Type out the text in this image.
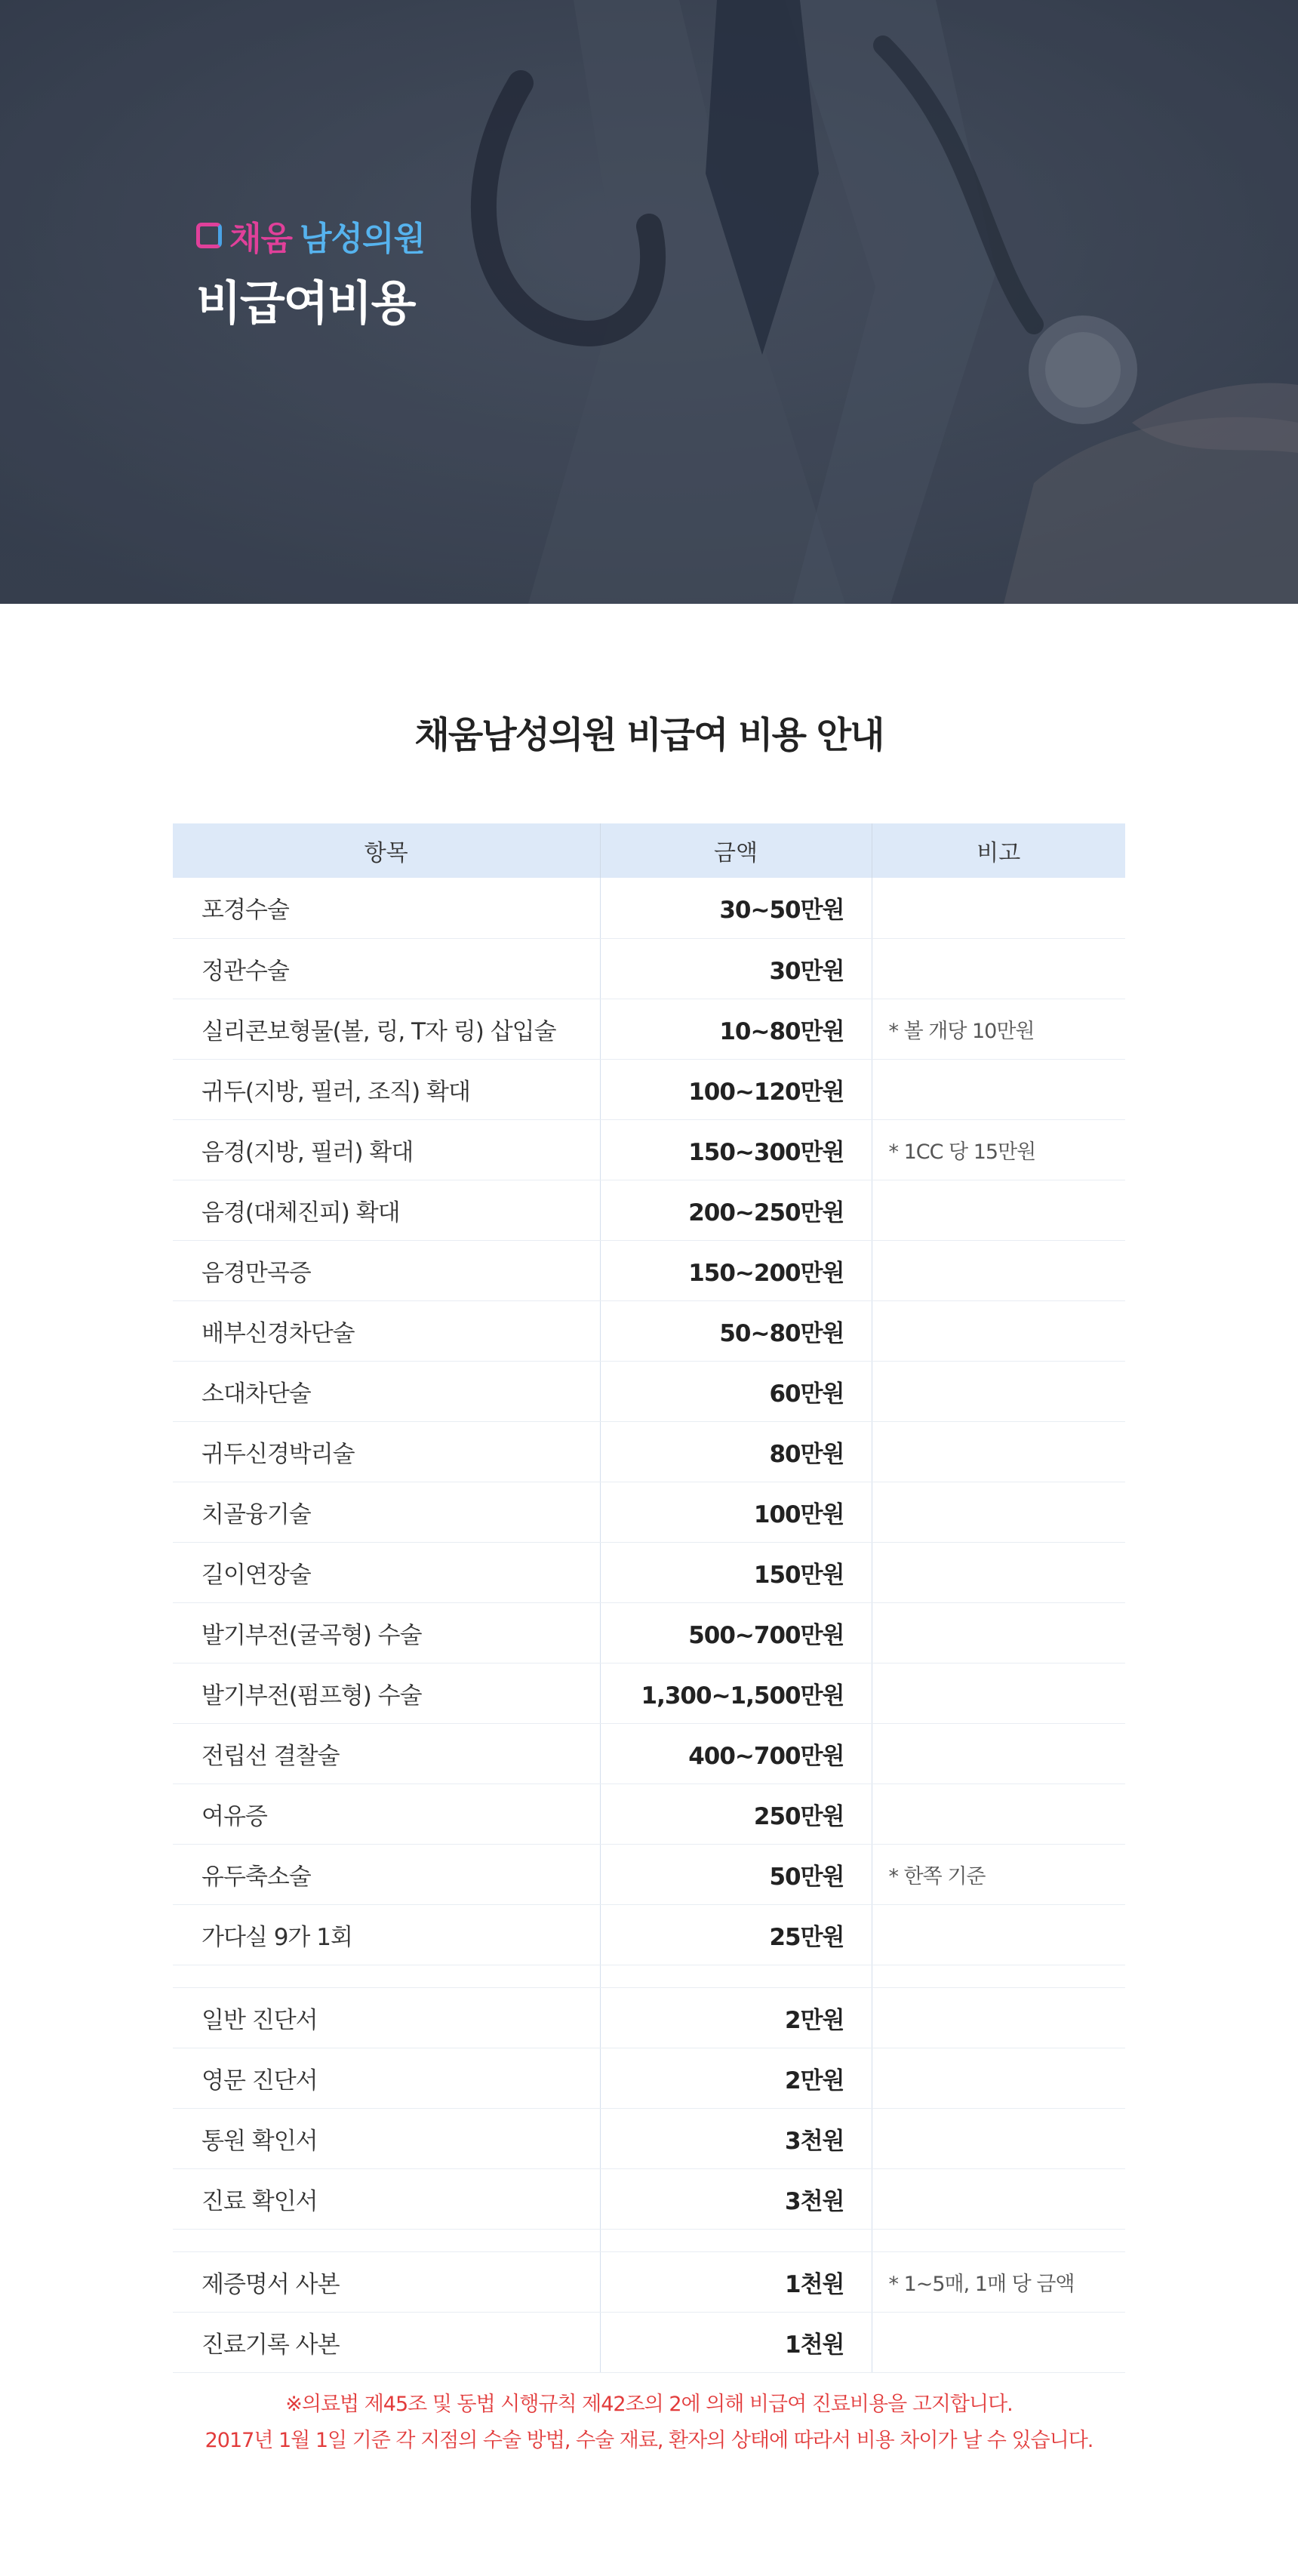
채움 남성의원
비급여비용
채움남성의원 비급여 비용 안내
항목	금액	비고
포경수술	30~50만원	
정관수술	30만원	
실리콘보형물(볼, 링, T자 링) 삽입술	10~80만원	* 볼 개당 10만원
귀두(지방, 필러, 조직) 확대	100~120만원	
음경(지방, 필러) 확대	150~300만원	* 1CC 당 15만원
음경(대체진피) 확대	200~250만원	
음경만곡증	150~200만원	
배부신경차단술	50~80만원	
소대차단술	60만원	
귀두신경박리술	80만원	
치골융기술	100만원	
길이연장술	150만원	
발기부전(굴곡형) 수술	500~700만원	
발기부전(펌프형) 수술	1,300~1,500만원	
전립선 결찰술	400~700만원	
여유증	250만원	
유두축소술	50만원	* 한쪽 기준
가다실 9가 1회	25만원	

일반 진단서	2만원	
영문 진단서	2만원	
통원 확인서	3천원	
진료 확인서	3천원	

제증명서 사본	1천원	* 1~5매, 1매 당 금액
진료기록 사본	1천원	
※의료법 제45조 및 동법 시행규칙 제42조의 2에 의해 비급여 진료비용을 고지합니다.
2017년 1월 1일 기준 각 지점의 수술 방법, 수술 재료, 환자의 상태에 따라서 비용 차이가 날 수 있습니다.
